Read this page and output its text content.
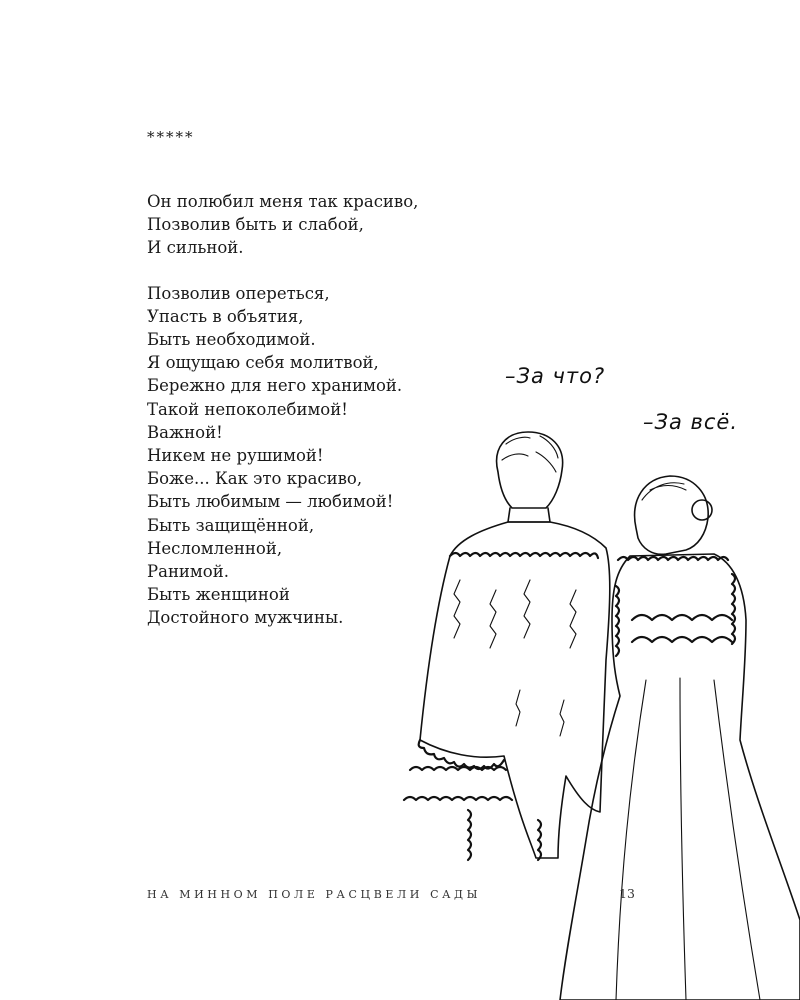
*****
Он полюбил меня так красиво,
Позволив быть и слабой,
И сильной.
Позволив опереться,
Упасть в объятия,
Быть необходимой.
Я ощущаю себя молитвой,
Бережно для него хранимой.
Такой непоколебимой!
Важной!
Никем не рушимой!
Боже... Как это красиво,
Быть любимым — любимой!
Быть защищённой,
Несломленной,
Ранимой.
Быть женщиной
Достойного мужчины.
–За что?
–За всё.
НА МИННОМ ПОЛЕ РАСЦВЕЛИ САДЫ	13
